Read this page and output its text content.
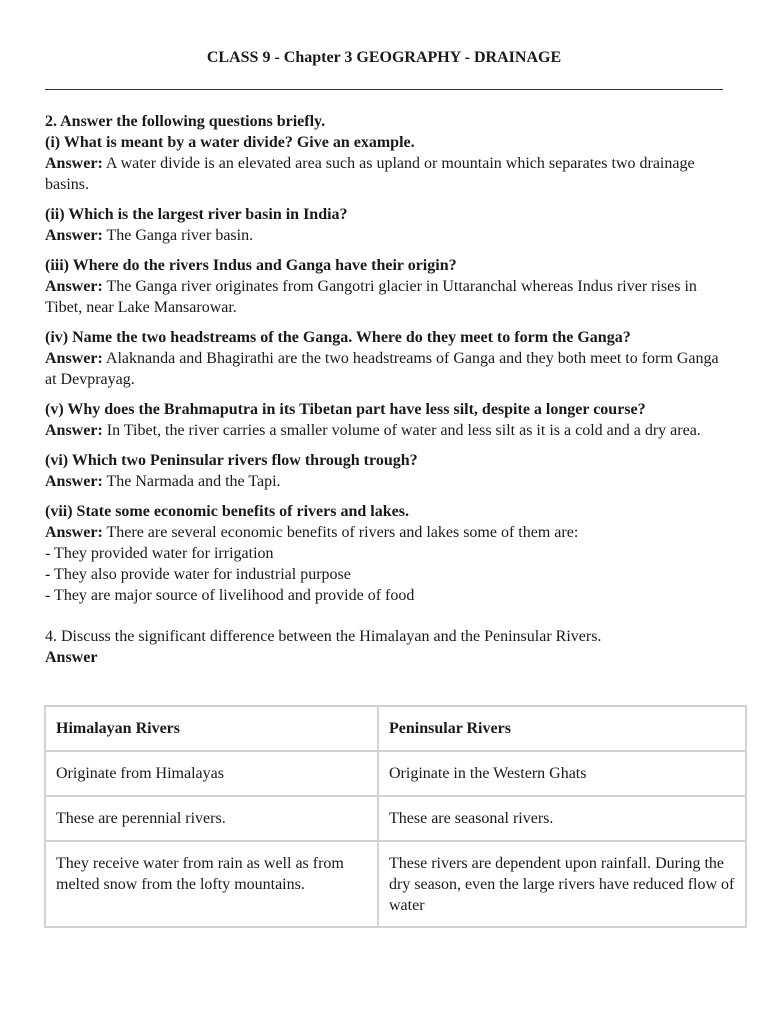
CLASS 9 - Chapter 3 GEOGRAPHY - DRAINAGE
2. Answer the following questions briefly.
(i) What is meant by a water divide? Give an example.
Answer: A water divide is an elevated area such as upland or mountain which separates two drainage basins.
(ii) Which is the largest river basin in India?
Answer: The Ganga river basin.
(iii) Where do the rivers Indus and Ganga have their origin?
Answer: The Ganga river originates from Gangotri glacier in Uttaranchal whereas Indus river rises in Tibet, near Lake Mansarowar.
(iv) Name the two headstreams of the Ganga. Where do they meet to form the Ganga?
Answer: Alaknanda and Bhagirathi are the two headstreams of Ganga and they both meet to form Ganga at Devprayag.
(v) Why does the Brahmaputra in its Tibetan part have less silt, despite a longer course?
Answer: In Tibet, the river carries a smaller volume of water and less silt as it is a cold and a dry area.
(vi) Which two Peninsular rivers flow through trough?
Answer: The Narmada and the Tapi.
(vii) State some economic benefits of rivers and lakes.
Answer: There are several economic benefits of rivers and lakes some of them are:
- They provided water for irrigation
- They also provide water for industrial purpose
- They are major source of livelihood and provide of food
4. Discuss the significant difference between the Himalayan and the Peninsular Rivers.
Answer
Himalayan Rivers	Peninsular Rivers
Originate from Himalayas	Originate in the Western Ghats
These are perennial rivers.	These are seasonal rivers.
They receive water from rain as well as from melted snow from the lofty mountains.	These rivers are dependent upon rainfall. During the dry season, even the large rivers have reduced flow of water
